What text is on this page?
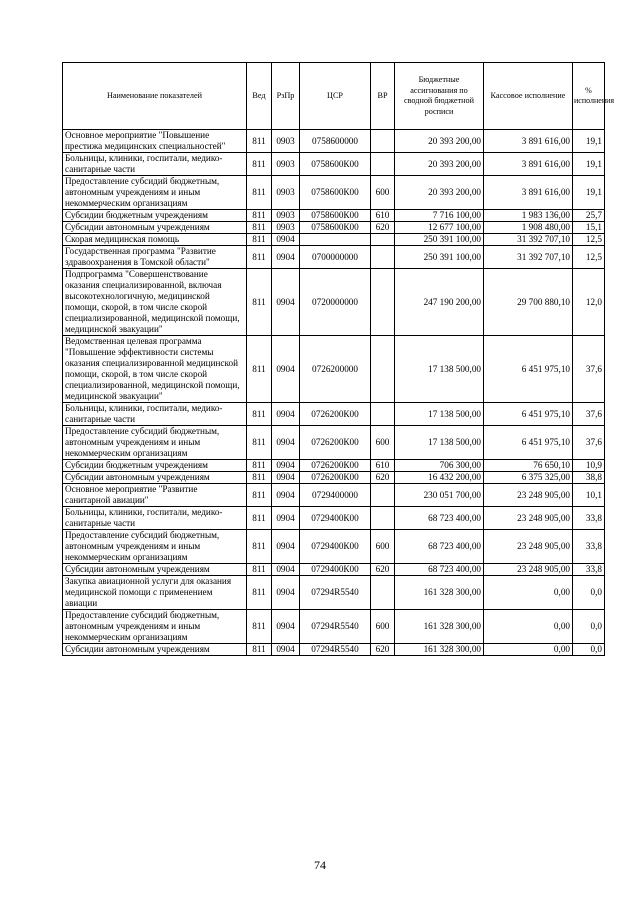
Наименование показателей	Вед	РзПр	ЦСР	ВР	Бюджетные ассигнования по сводной бюджетной росписи	Кассовое исполнение	% исполнения
Основное мероприятие "Повышение престижа медицинских специальностей"	811	0903	0758600000		20 393 200,00	3 891 616,00	19,1
Больницы, клиники, госпитали, медико-санитарные части	811	0903	0758600К00		20 393 200,00	3 891 616,00	19,1
Предоставление субсидий бюджетным, автономным учреждениям и иным некоммерческим организациям	811	0903	0758600К00	600	20 393 200,00	3 891 616,00	19,1
Субсидии бюджетным учреждениям	811	0903	0758600К00	610	7 716 100,00	1 983 136,00	25,7
Субсидии автономным учреждениям	811	0903	0758600К00	620	12 677 100,00	1 908 480,00	15,1
Скорая медицинская помощь	811	0904			250 391 100,00	31 392 707,10	12,5
Государственная программа "Развитие здравоохранения в Томской области"	811	0904	0700000000		250 391 100,00	31 392 707,10	12,5
Подпрограмма "Совершенствование оказания специализированной, включая высокотехнологичную, медицинской помощи, скорой, в том числе скорой специализированной, медицинской помощи, медицинской эвакуации"	811	0904	0720000000		247 190 200,00	29 700 880,10	12,0
Ведомственная целевая программа "Повышение эффективности системы оказания специализированной медицинской помощи, скорой, в том числе скорой специализированной, медицинской помощи, медицинской эвакуации"	811	0904	0726200000		17 138 500,00	6 451 975,10	37,6
Больницы, клиники, госпитали, медико-санитарные части	811	0904	0726200К00		17 138 500,00	6 451 975,10	37,6
Предоставление субсидий бюджетным, автономным учреждениям и иным некоммерческим организациям	811	0904	0726200К00	600	17 138 500,00	6 451 975,10	37,6
Субсидии бюджетным учреждениям	811	0904	0726200К00	610	706 300,00	76 650,10	10,9
Субсидии автономным учреждениям	811	0904	0726200К00	620	16 432 200,00	6 375 325,00	38,8
Основное мероприятие "Развитие санитарной авиации"	811	0904	0729400000		230 051 700,00	23 248 905,00	10,1
Больницы, клиники, госпитали, медико-санитарные части	811	0904	0729400К00		68 723 400,00	23 248 905,00	33,8
Предоставление субсидий бюджетным, автономным учреждениям и иным некоммерческим организациям	811	0904	0729400К00	600	68 723 400,00	23 248 905,00	33,8
Субсидии автономным учреждениям	811	0904	0729400К00	620	68 723 400,00	23 248 905,00	33,8
Закупка авиационной услуги для оказания медицинской помощи с применением авиации	811	0904	07294R5540		161 328 300,00	0,00	0,0
Предоставление субсидий бюджетным, автономным учреждениям и иным некоммерческим организациям	811	0904	07294R5540	600	161 328 300,00	0,00	0,0
Субсидии автономным учреждениям	811	0904	07294R5540	620	161 328 300,00	0,00	0,0
74
